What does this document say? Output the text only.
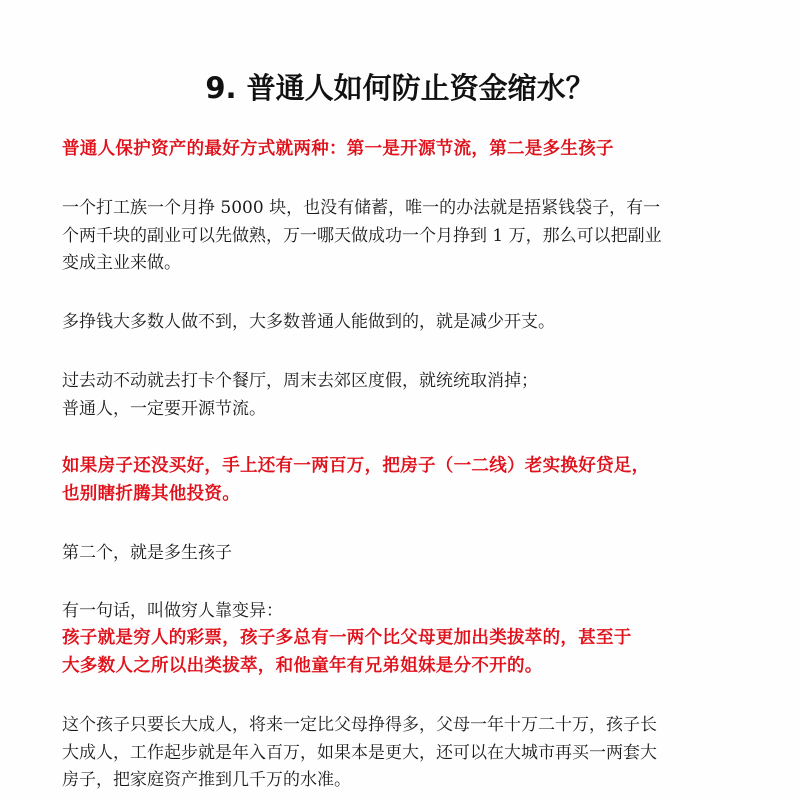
9. 普通人如何防止资金缩水？
普通人保护资产的最好方式就两种：第一是开源节流，第二是多生孩子
一个打工族一个月挣 5000 块，也没有储蓄，唯一的办法就是捂紧钱袋子，有一
个两千块的副业可以先做熟，万一哪天做成功一个月挣到 1 万，那么可以把副业
变成主业来做。
多挣钱大多数人做不到，大多数普通人能做到的，就是减少开支。
过去动不动就去打卡个餐厅，周末去郊区度假，就统统取消掉；
普通人，一定要开源节流。
如果房子还没买好，手上还有一两百万，把房子（一二线）老实换好贷足，
也别瞎折腾其他投资。
第二个，就是多生孩子
有一句话，叫做穷人靠变异：
孩子就是穷人的彩票，孩子多总有一两个比父母更加出类拔萃的，甚至于
大多数人之所以出类拔萃，和他童年有兄弟姐妹是分不开的。
这个孩子只要长大成人，将来一定比父母挣得多，父母一年十万二十万，孩子长
大成人，工作起步就是年入百万，如果本是更大，还可以在大城市再买一两套大
房子，把家庭资产推到几千万的水准。
